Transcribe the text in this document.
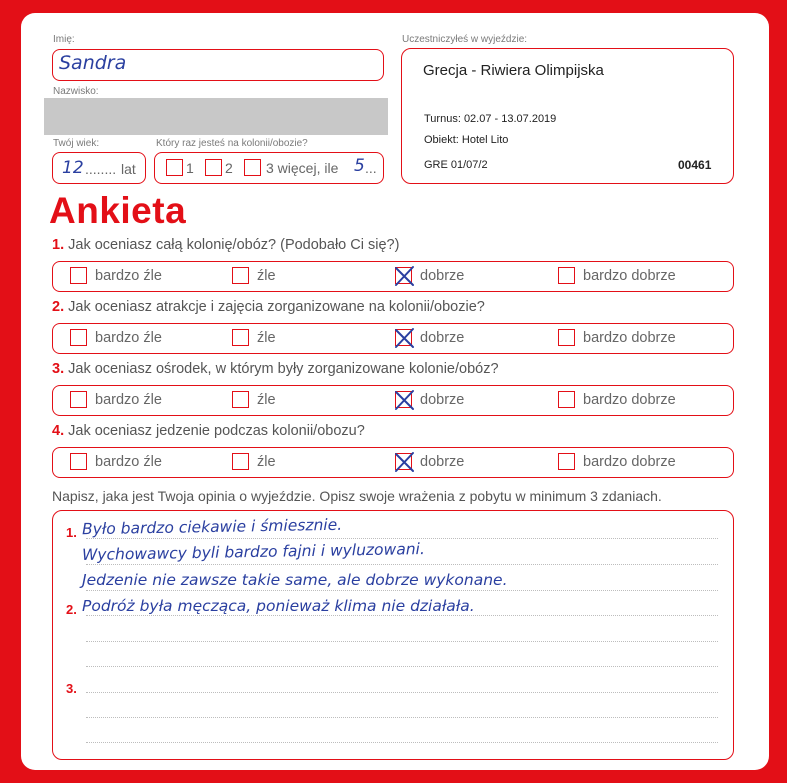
Imię:
Sandra
Nazwisko:
Twój wiek:
12 ........ lat
Który raz jesteś na kolonii/obozie?
1 2 3 więcej, ile 5 ...
Uczestniczyłeś w wyjeździe:
Grecja - Riwiera Olimpijska
Turnus: 02.07 - 13.07.2019
Obiekt: Hotel Lito
GRE 01/07/2	00461
Ankieta
1. Jak oceniasz całą kolonię/obóz? (Podobało Ci się?)
bardzo źle	źle	dobrze	bardzo dobrze
2. Jak oceniasz atrakcje i zajęcia zorganizowane na kolonii/obozie?
bardzo źle	źle	dobrze	bardzo dobrze
3. Jak oceniasz ośrodek, w którym były zorganizowane kolonie/obóz?
bardzo źle	źle	dobrze	bardzo dobrze
4. Jak oceniasz jedzenie podczas kolonii/obozu?
bardzo źle	źle	dobrze	bardzo dobrze
Napisz, jaka jest Twoja opinia o wyjeździe. Opisz swoje wrażenia z pobytu w minimum 3 zdaniach.
1.
2.
3.
Było bardzo ciekawie i śmiesznie.
Wychowawcy byli bardzo fajni i wyluzowani.
Jedzenie nie zawsze takie same, ale dobrze wykonane.
Podróż była męcząca, ponieważ klima nie działała.
